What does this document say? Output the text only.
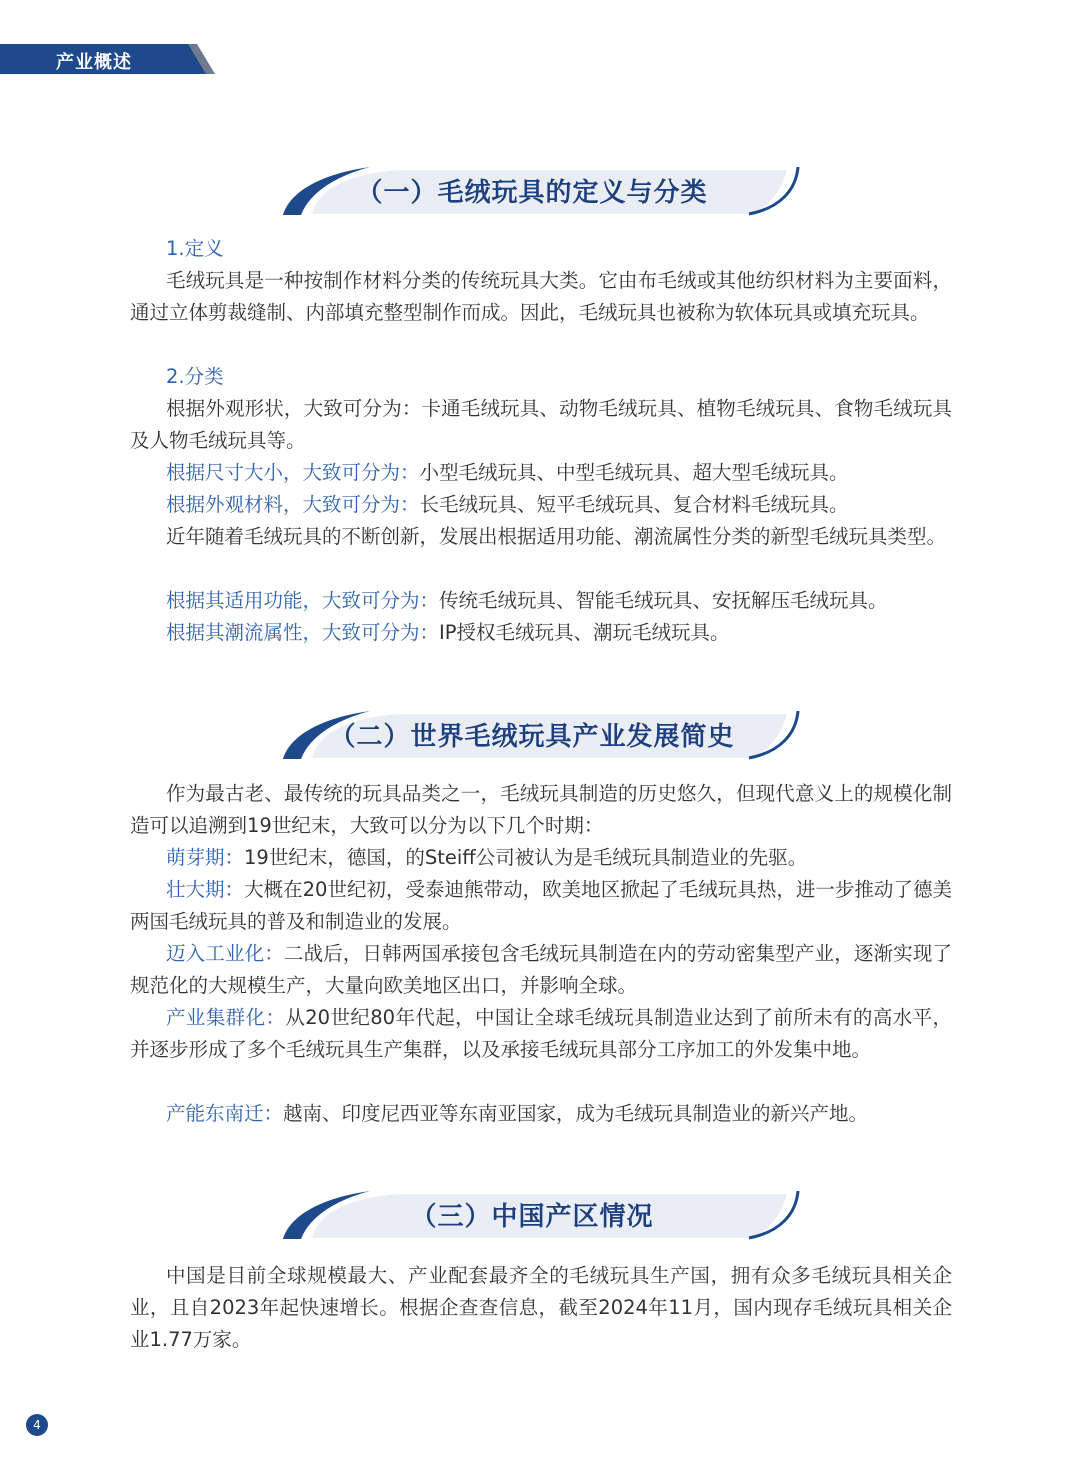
产业概述
（一）毛绒玩具的定义与分类

1.定义

毛绒玩具是一种按制作材料分类的传统玩具大类。它由布毛绒或其他纺织材料为主要面料，通过立体剪裁缝制、内部填充整型制作而成。因此，毛绒玩具也被称为软体玩具或填充玩具。

2.分类

根据外观形状，大致可分为：卡通毛绒玩具、动物毛绒玩具、植物毛绒玩具、食物毛绒玩具及人物毛绒玩具等。

根据尺寸大小，大致可分为：小型毛绒玩具、中型毛绒玩具、超大型毛绒玩具。

根据外观材料，大致可分为：长毛绒玩具、短平毛绒玩具、复合材料毛绒玩具。

近年随着毛绒玩具的不断创新，发展出根据适用功能、潮流属性分类的新型毛绒玩具类型。

根据其适用功能，大致可分为：传统毛绒玩具、智能毛绒玩具、安抚解压毛绒玩具。

根据其潮流属性，大致可分为：IP授权毛绒玩具、潮玩毛绒玩具。

（二）世界毛绒玩具产业发展简史

作为最古老、最传统的玩具品类之一，毛绒玩具制造的历史悠久，但现代意义上的规模化制造可以追溯到19世纪末，大致可以分为以下几个时期：

萌芽期：19世纪末，德国，的Steiff公司被认为是毛绒玩具制造业的先驱。

壮大期：大概在20世纪初，受泰迪熊带动，欧美地区掀起了毛绒玩具热，进一步推动了德美两国毛绒玩具的普及和制造业的发展。

迈入工业化：二战后，日韩两国承接包含毛绒玩具制造在内的劳动密集型产业，逐渐实现了规范化的大规模生产，大量向欧美地区出口，并影响全球。

产业集群化：从20世纪80年代起，中国让全球毛绒玩具制造业达到了前所未有的高水平，并逐步形成了多个毛绒玩具生产集群，以及承接毛绒玩具部分工序加工的外发集中地。

产能东南迁：越南、印度尼西亚等东南亚国家，成为毛绒玩具制造业的新兴产地。

（三）中国产区情况

中国是目前全球规模最大、产业配套最齐全的毛绒玩具生产国，拥有众多毛绒玩具相关企业，且自2023年起快速增长。根据企查查信息，截至2024年11月，国内现存毛绒玩具相关企业1.77万家。

4
